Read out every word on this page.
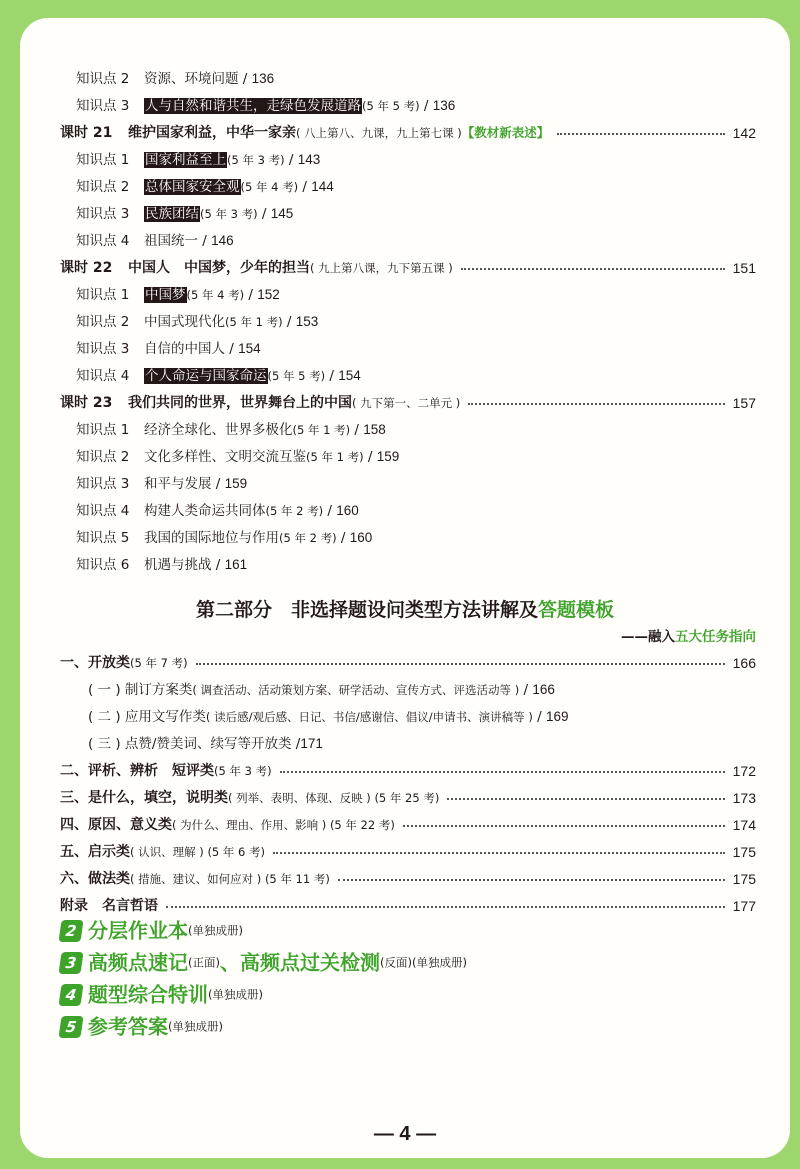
知识点 2 资源、环境问题 / 136
知识点 3 人与自然和谐共生，走绿色发展道路(5 年 5 考) / 136
课时 21 维护国家利益，中华一家亲( 八上第八、九课，九上第七课 )【教材新表述】	142
知识点 1 国家利益至上(5 年 3 考) / 143
知识点 2 总体国家安全观(5 年 4 考) / 144
知识点 3 民族团结(5 年 3 考) / 145
知识点 4 祖国统一 / 146
课时 22 中国人　中国梦，少年的担当( 九上第八课，九下第五课 )	151
知识点 1 中国梦(5 年 4 考) / 152
知识点 2 中国式现代化(5 年 1 考) / 153
知识点 3 自信的中国人 / 154
知识点 4 个人命运与国家命运(5 年 5 考) / 154
课时 23 我们共同的世界，世界舞台上的中国( 九下第一、二单元 )	157
知识点 1 经济全球化、世界多极化(5 年 1 考) / 158
知识点 2 文化多样性、文明交流互鉴(5 年 1 考) / 159
知识点 3 和平与发展 / 159
知识点 4 构建人类命运共同体(5 年 2 考) / 160
知识点 5 我国的国际地位与作用(5 年 2 考) / 160
知识点 6 机遇与挑战 / 161
第二部分　非选择题设问类型方法讲解及答题模板
——融入五大任务指向
一、开放类(5 年 7 考)	166
( 一 ) 制订方案类( 调查活动、活动策划方案、研学活动、宣传方式、评选活动等 ) / 166
( 二 ) 应用文写作类( 读后感/观后感、日记、书信/感谢信、倡议/申请书、演讲稿等 ) / 169
( 三 ) 点赞/赞美词、续写等开放类 /171
二、评析、辨析　短评类(5 年 3 考)	172
三、是什么，填空，说明类( 列举、表明、体现、反映 ) (5 年 25 考)	173
四、原因、意义类( 为什么、理由、作用、影响 ) (5 年 22 考)	174
五、启示类( 认识、理解 ) (5 年 6 考)	175
六、做法类( 措施、建议、如何应对 ) (5 年 11 考)	175
附录　名言哲语	177
2 分层作业本(单独成册)
3 高频点速记(正面)、高频点过关检测(反面)(单独成册)
4 题型综合特训(单独成册)
5 参考答案(单独成册)
— 4 —
